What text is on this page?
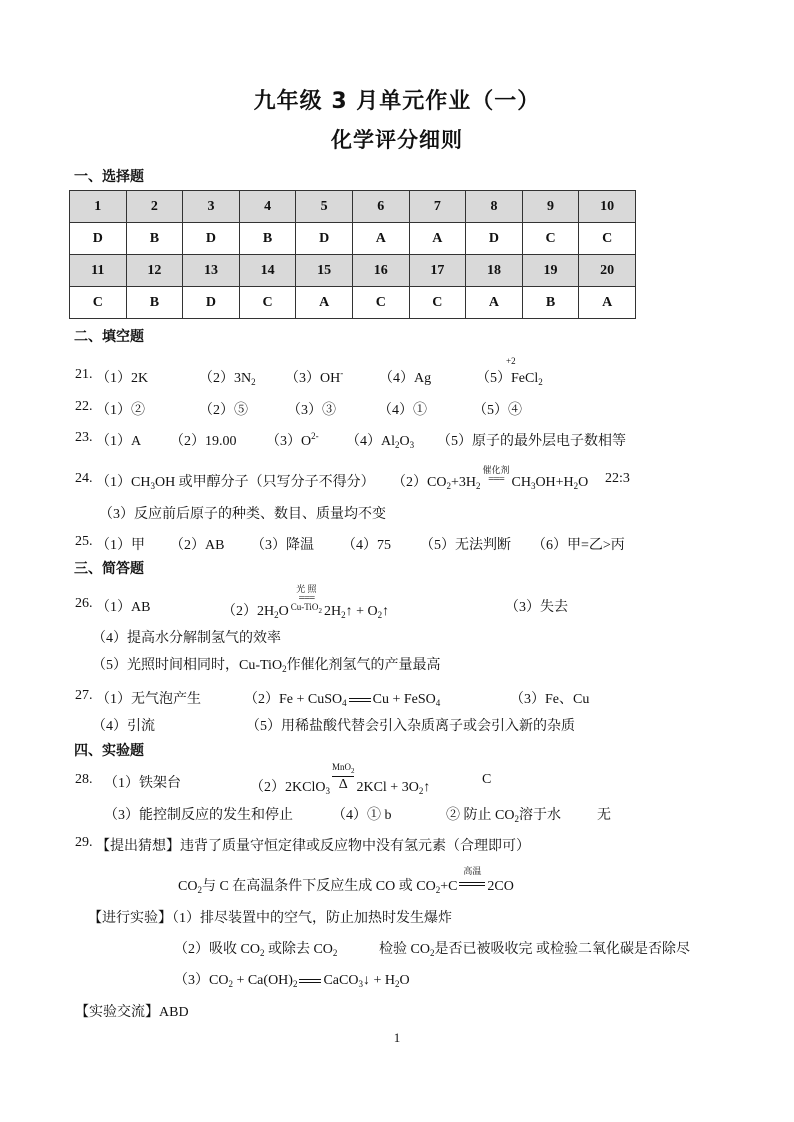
九年级 3 月单元作业（一）
化学评分细则
一、选择题
1	2	3	4	5	6	7	8	9	10
D	B	D	B	D	A	A	D	C	C
11	12	13	14	15	16	17	18	19	20
C	B	D	C	A	C	C	A	B	A
二、填空题
21. （1）2K	$(2)3N_2$ （3）OH-	（4）Ag	（5）FeCl$_2$
+2
22. （1）②	（2）⑤	（3）③	（4）①	（5）④
23. （1）A （2）19.00 $(3)O^{2-}$ $(4)Al_2O_3$ （5）原子的最外层电子数相等
24. $(1)CH_3OH$ 或甲醇分子（只写分子不得分） $(2)CO_2+3H_2$
催化剂
=== $CH_3OH+H_2O$ 22:3
（3）反应前后原子的种类、数目、质量均不变
25. （1）甲 （2）AB （3）降温 （4）75 （5）无法判断 （6）甲=乙>丙
三、简答题
26. （1）AB	$(2)2H_2O$
光 照
===
Cu-TiO$_2$ $2H_2↑$ + $O_2↑$	（3）失去
（4）提高水分解制氢气的效率
（5）光照时间相同时，Cu-TiO$_2$作催化剂氢气的产量最高
27. （1）无气泡产生	（2）Fe + CuSO$_4$ Cu + FeSO$_4$	（3）Fe、Cu
（4）引流	（5）用稀盐酸代替会引入杂质离子或会引入新的杂质
四、实验题
28. （1）铁架台	（2）2KClO$_3$
MnO$_2$
Δ $2KCl + 3O_2↑$
C
（3）能控制反应的发生和停止	（4）① b	② 防止 $CO_2$溶于水	无
29. 【提出猜想】违背了质量守恒定律或反应物中没有氢元素（合理即可）
$CO_2$与 C 在高温条件下反应生成 CO 或 $CO_2+C$
高温
2CO
【进行实验】（1）排尽装置中的空气，防止加热时发生爆炸
（2）吸收 $CO_2$ 或除去 $CO_2$	检验 $CO_2$是否已被吸收完 或检验二氧化碳是否除尽
$(3)CO_2 + Ca(OH)_2$ CaCO$_3$↓ + $H_2O$
【实验交流】ABD
1
